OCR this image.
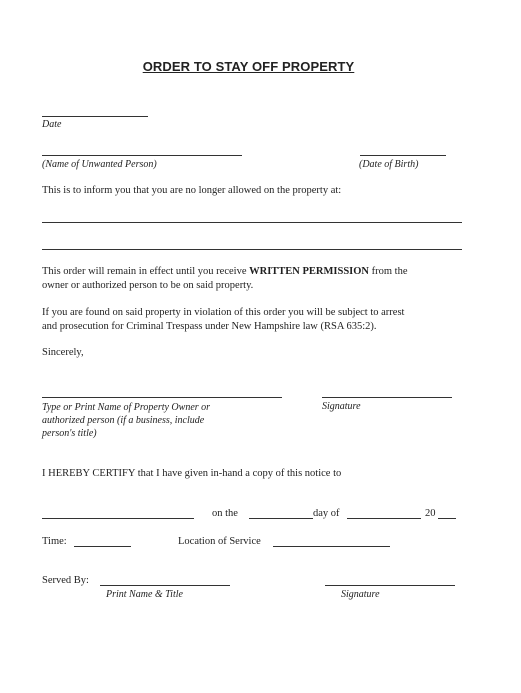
ORDER TO STAY OFF PROPERTY
Date
(Name of Unwanted Person)	(Date of Birth)
This is to inform you that you are no longer allowed on the property at:
This order will remain in effect until you receive WRITTEN PERMISSION from the
owner or authorized person to be on said property.
If you are found on said property in violation of this order you will be subject to arrest
and prosecution for Criminal Trespass under New Hampshire law (RSA 635:2).
Sincerely,
Type or Print Name of Property Owner or
authorized person (if a business, include
person's title)
Signature
I HEREBY CERTIFY that I have given in-hand a copy of this notice to
on the	day of	20
Time:	Location of Service
Served By:
Print Name & Title	Signature
